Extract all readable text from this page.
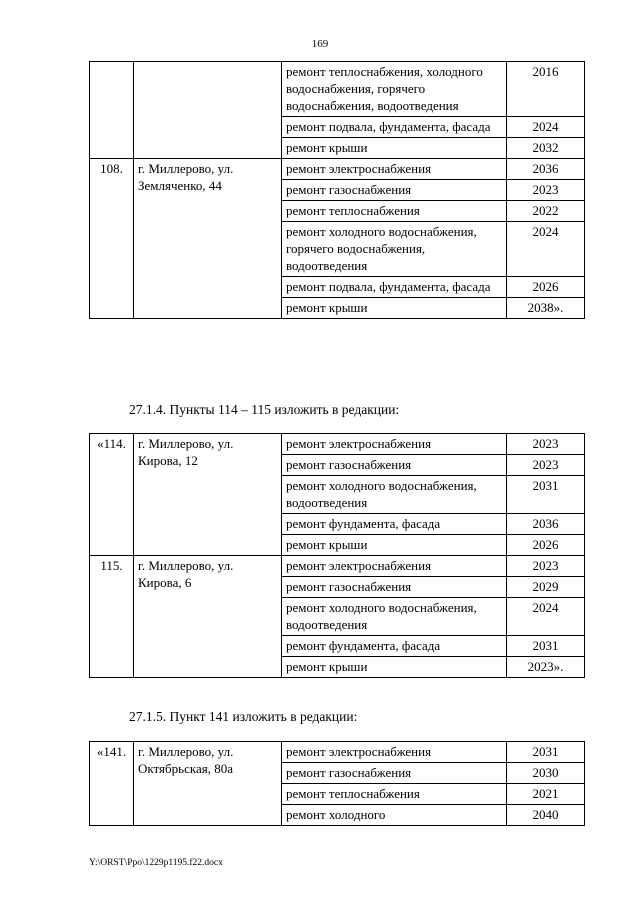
169
		ремонт теплоснабжения, холодного водоснабжения, горячего водоснабжения, водоотведения	2016
		ремонт подвала, фундамента, фасада	2024
		ремонт крыши	2032
108.	г. Миллерово, ул. Земляченко, 44	ремонт электроснабжения	2036
		ремонт газоснабжения	2023
		ремонт теплоснабжения	2022
		ремонт холодного водоснабжения, горячего водоснабжения, водоотведения	2024
		ремонт подвала, фундамента, фасада	2026
		ремонт крыши	2038».
27.1.4. Пункты 114 – 115 изложить в редакции:
«114.	г. Миллерово, ул. Кирова, 12	ремонт электроснабжения	2023
		ремонт газоснабжения	2023
		ремонт холодного водоснабжения, водоотведения	2031
		ремонт фундамента, фасада	2036
		ремонт крыши	2026
115.	г. Миллерово, ул. Кирова, 6	ремонт электроснабжения	2023
		ремонт газоснабжения	2029
		ремонт холодного водоснабжения, водоотведения	2024
		ремонт фундамента, фасада	2031
		ремонт крыши	2023».
27.1.5. Пункт 141 изложить в редакции:
«141.	г. Миллерово, ул. Октябрьская, 80а	ремонт электроснабжения	2031
		ремонт газоснабжения	2030
		ремонт теплоснабжения	2021
		ремонт холодного	2040
Y:\ORST\Ppo\1229p1195.f22.docx
